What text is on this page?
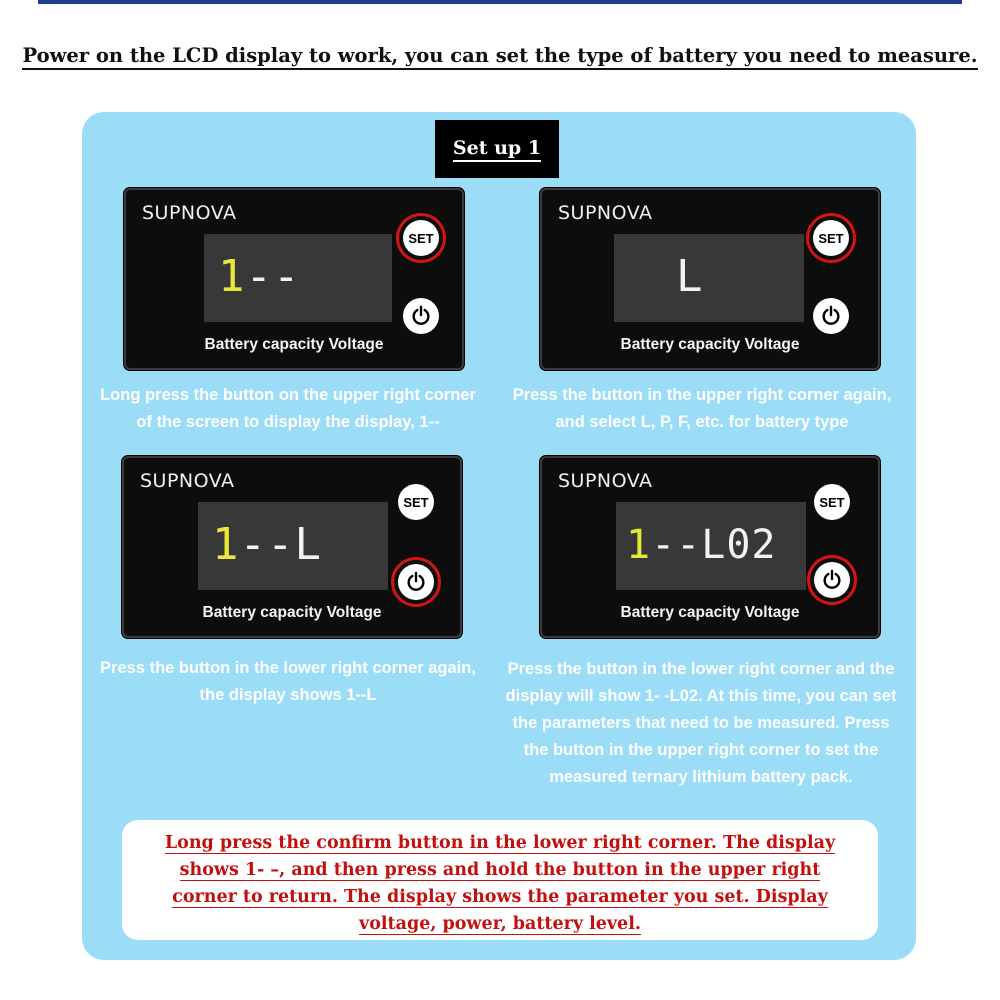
Power on the LCD display to work, you can set the type of battery you need to measure.
Set up 1
SUPNOVA
1--
SET
Battery capacity Voltage
SUPNOVA
L
SET
Battery capacity Voltage
Long press the button on the upper right corner
of the screen to display the display, 1--
Press the button in the upper right corner again,
and select L, P, F, etc. for battery type
SUPNOVA
1--L
SET
Battery capacity Voltage
SUPNOVA
1--L02
SET
Battery capacity Voltage
Press the button in the lower right corner again,
the display shows 1--L
Press the button in the lower right corner and the
display will show 1- -L02. At this time, you can set
the parameters that need to be measured. Press
the button in the upper right corner to set the
measured ternary lithium battery pack.
Long press the confirm button in the lower right corner. The display
shows 1- –, and then press and hold the button in the upper right
corner to return. The display shows the parameter you set. Display
voltage, power, battery level.
